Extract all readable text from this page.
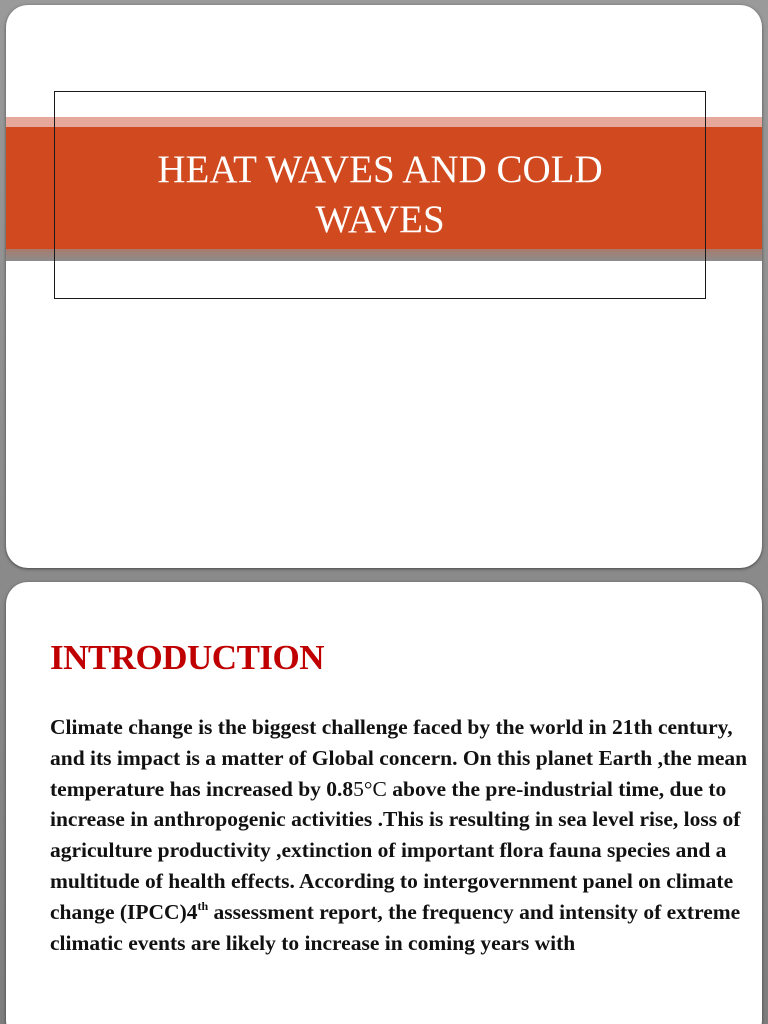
HEAT WAVES AND COLD
WAVES
INTRODUCTION

Climate change is the biggest challenge faced by the world in 21th century, and its impact is a matter of Global concern. On this planet Earth ,the mean temperature has increased by 0.85°C above the pre-industrial time, due to increase in anthropogenic activities .This is resulting in sea level rise, loss of agriculture productivity ,extinction of important flora fauna species and a multitude of health effects. According to intergovernment panel on climate change (IPCC)4th assessment report, the frequency and intensity of extreme climatic events are likely to increase in coming years with
